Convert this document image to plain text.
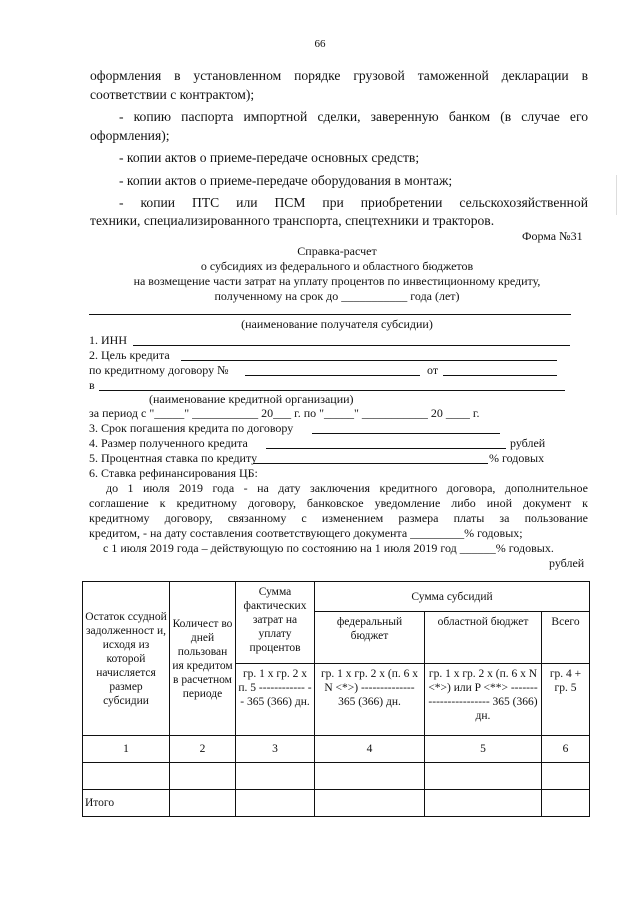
66
оформления в установленном порядке грузовой таможенной декларации в
соответствии с контрактом);
- копию паспорта импортной сделки, заверенную банком (в случае его
оформления);
- копии актов о приеме-передаче основных средств;
- копии актов о приеме-передаче оборудования в монтаж;
- копии ПТС или ПСМ при приобретении сельскохозяйственной
техники, специализированного транспорта, спецтехники и тракторов.
Форма №31
Справка-расчет
о субсидиях из федерального и областного бюджетов
на возмещение части затрат на уплату процентов по инвестиционному кредиту,
полученному на срок до ___________ года (лет)
(наименование получателя субсидии)
1. ИНН
2. Цель кредита
по кредитному договору №	от
в
(наименование кредитной организации)
за период с "_____" ___________ 20___ г. по "_____" ___________ 20 ____ г.
3. Срок погашения кредита по договору
4. Размер полученного кредита	рублей
5. Процентная ставка по кредиту	% годовых
6. Ставка рефинансирования ЦБ:
до 1 июля 2019 года - на дату заключения кредитного договора, дополнительное
соглашение к кредитному договору, банковское уведомление либо иной документ к
кредитному договору, связанному с изменением размера платы за пользование
кредитом, - на дату составления соответствующего документа _________% годовых;
с 1 июля 2019 года – действующую по состоянию на 1 июля 2019 год ______% годовых.
рублей
Остаток ссудной задолженност и, исходя из которой начисляется размер субсидии	Количест во дней пользован ия кредитом в расчетном периоде	Сумма фактических затрат на уплату процентов	Сумма субсидий		
			федеральный бюджет	областной бюджет	Всего
		гр. 1 x гр. 2 x п. 5 ------------ -- 365 (366) дн.	гр. 1 x гр. 2 x (п. 6 x N <*>) -------------- 365 (366) дн.	гр. 1 x гр. 2 x (п. 6 x N <*>) или P <**> ----------------------- 365 (366) дн.	гр. 4 + гр. 5
1	2	3	4	5	6

Итого					
